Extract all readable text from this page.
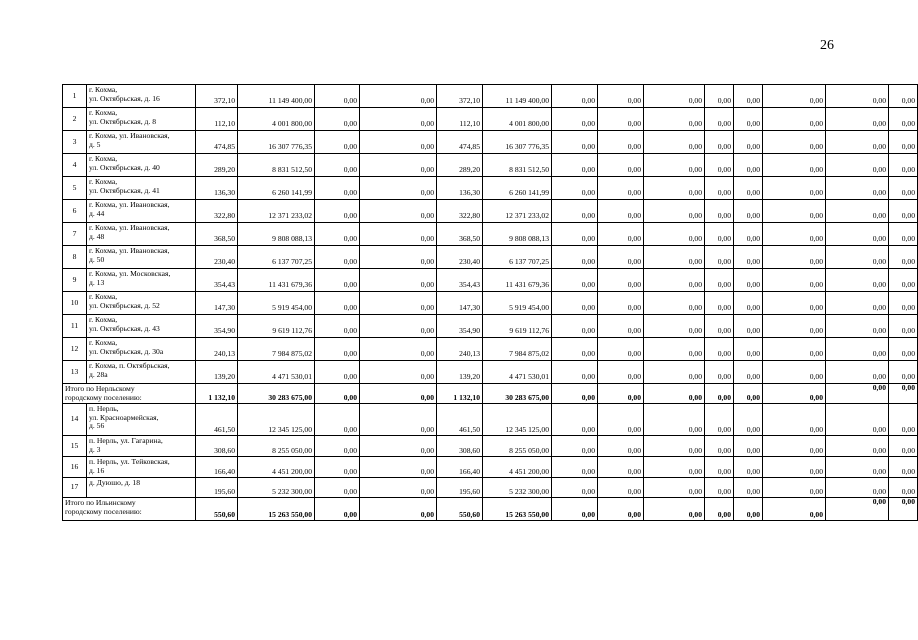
26
1	г. Кохма,
ул. Октябрьская, д. 16	372,10	11 149 400,00	0,00	0,00	372,10	11 149 400,00	0,00	0,00	0,00	0,00	0,00	0,00	0,00	0,00
2	г. Кохма,
ул. Октябрьская, д. 8	112,10	4 001 800,00	0,00	0,00	112,10	4 001 800,00	0,00	0,00	0,00	0,00	0,00	0,00	0,00	0,00
3	г. Кохма, ул. Ивановская,
д. 5	474,85	16 307 776,35	0,00	0,00	474,85	16 307 776,35	0,00	0,00	0,00	0,00	0,00	0,00	0,00	0,00
4	г. Кохма,
ул. Октябрьская, д. 40	289,20	8 831 512,50	0,00	0,00	289,20	8 831 512,50	0,00	0,00	0,00	0,00	0,00	0,00	0,00	0,00
5	г. Кохма,
ул. Октябрьская, д. 41	136,30	6 260 141,99	0,00	0,00	136,30	6 260 141,99	0,00	0,00	0,00	0,00	0,00	0,00	0,00	0,00
6	г. Кохма, ул. Ивановская,
д. 44	322,80	12 371 233,02	0,00	0,00	322,80	12 371 233,02	0,00	0,00	0,00	0,00	0,00	0,00	0,00	0,00
7	г. Кохма, ул. Ивановская,
д. 48	368,50	9 808 088,13	0,00	0,00	368,50	9 808 088,13	0,00	0,00	0,00	0,00	0,00	0,00	0,00	0,00
8	г. Кохма, ул. Ивановская,
д. 50	230,40	6 137 707,25	0,00	0,00	230,40	6 137 707,25	0,00	0,00	0,00	0,00	0,00	0,00	0,00	0,00
9	г. Кохма, ул. Московская,
д. 13	354,43	11 431 679,36	0,00	0,00	354,43	11 431 679,36	0,00	0,00	0,00	0,00	0,00	0,00	0,00	0,00
10	г. Кохма,
ул. Октябрьская, д. 52	147,30	5 919 454,00	0,00	0,00	147,30	5 919 454,00	0,00	0,00	0,00	0,00	0,00	0,00	0,00	0,00
11	г. Кохма,
ул. Октябрьская, д. 43	354,90	9 619 112,76	0,00	0,00	354,90	9 619 112,76	0,00	0,00	0,00	0,00	0,00	0,00	0,00	0,00
12	г. Кохма,
ул. Октябрьская, д. 30а	240,13	7 984 875,02	0,00	0,00	240,13	7 984 875,02	0,00	0,00	0,00	0,00	0,00	0,00	0,00	0,00
13	г. Кохма, п. Октябрьская,
д. 28а	139,20	4 471 530,01	0,00	0,00	139,20	4 471 530,01	0,00	0,00	0,00	0,00	0,00	0,00	0,00	0,00
Итого по Нерльскому
городскому поселению:		1 132,10	30 283 675,00	0,00	0,00	1 132,10	30 283 675,00	0,00	0,00	0,00	0,00	0,00	0,00	0,00	0,00
14	п. Нерль,
ул. Красноармейская,
д. 56	461,50	12 345 125,00	0,00	0,00	461,50	12 345 125,00	0,00	0,00	0,00	0,00	0,00	0,00	0,00	0,00
15	п. Нерль, ул. Гагарина,
д. 3	308,60	8 255 050,00	0,00	0,00	308,60	8 255 050,00	0,00	0,00	0,00	0,00	0,00	0,00	0,00	0,00
16	п. Нерль, ул. Тейковская,
д. 16	166,40	4 451 200,00	0,00	0,00	166,40	4 451 200,00	0,00	0,00	0,00	0,00	0,00	0,00	0,00	0,00
17	д. Дуюшо, д. 18	195,60	5 232 300,00	0,00	0,00	195,60	5 232 300,00	0,00	0,00	0,00	0,00	0,00	0,00	0,00	0,00
Итого по Ильинскому
городскому поселению:		550,60	15 263 550,00	0,00	0,00	550,60	15 263 550,00	0,00	0,00	0,00	0,00	0,00	0,00	0,00	0,00
